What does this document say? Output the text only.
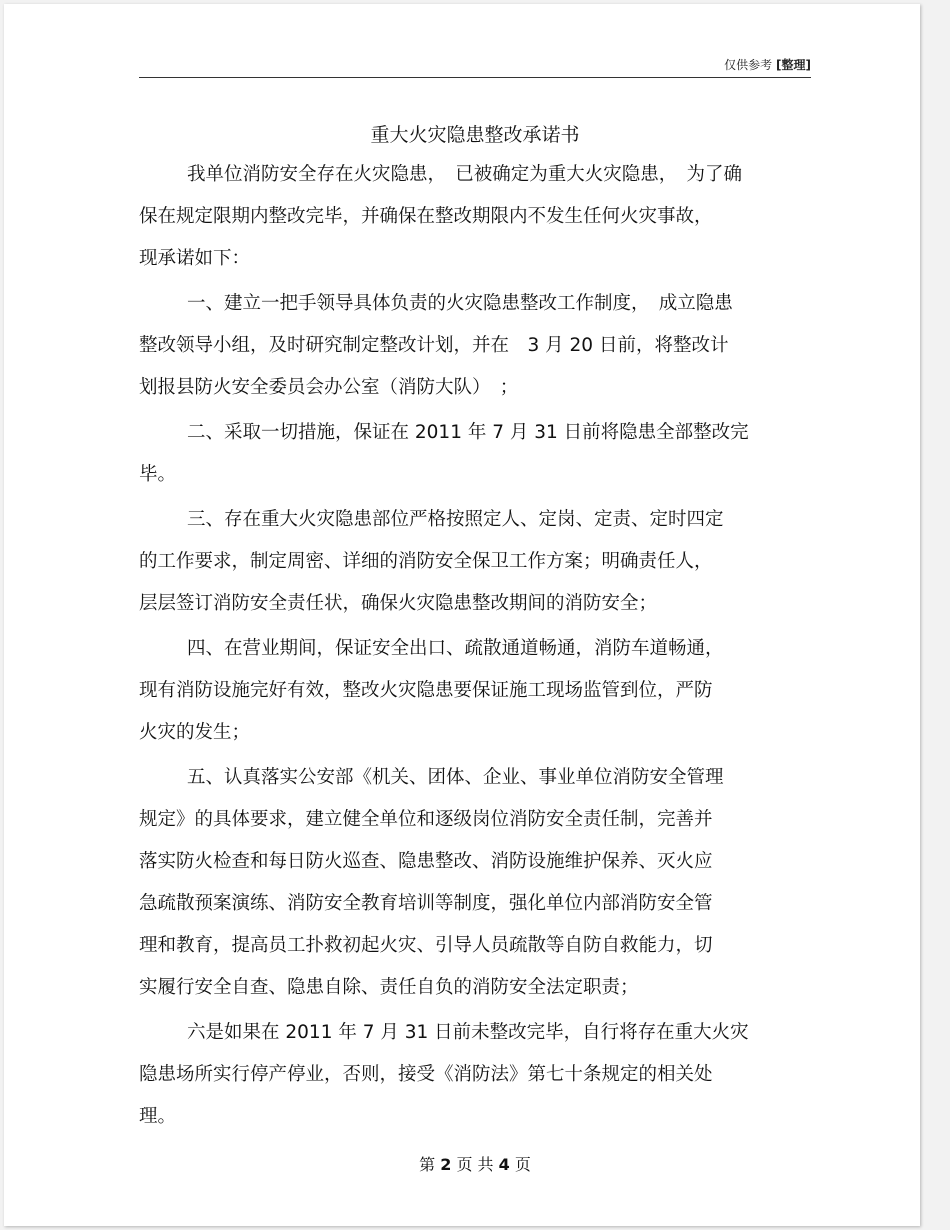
仅供参考 [整理]
重大火灾隐患整改承诺书
我单位消防安全存在火灾隐患，　已被确定为重大火灾隐患，　为了确
保在规定限期内整改完毕，并确保在整改期限内不发生任何火灾事故，
现承诺如下：
一、建立一把手领导具体负责的火灾隐患整改工作制度，　成立隐患
整改领导小组，及时研究制定整改计划，并在　3 月 20 日前，将整改计
划报县防火安全委员会办公室（消防大队）　；
二、采取一切措施，保证在 2011 年 7 月 31 日前将隐患全部整改完
毕。
三、存在重大火灾隐患部位严格按照定人、定岗、定责、定时四定
的工作要求，制定周密、详细的消防安全保卫工作方案；明确责任人，
层层签订消防安全责任状，确保火灾隐患整改期间的消防安全；
四、在营业期间，保证安全出口、疏散通道畅通，消防车道畅通，
现有消防设施完好有效，整改火灾隐患要保证施工现场监管到位，严防
火灾的发生；
五、认真落实公安部《机关、团体、企业、事业单位消防安全管理
规定》的具体要求，建立健全单位和逐级岗位消防安全责任制，完善并
落实防火检查和每日防火巡查、隐患整改、消防设施维护保养、灭火应
急疏散预案演练、消防安全教育培训等制度，强化单位内部消防安全管
理和教育，提高员工扑救初起火灾、引导人员疏散等自防自救能力，切
实履行安全自查、隐患自除、责任自负的消防安全法定职责；
六是如果在 2011 年 7 月 31 日前未整改完毕，自行将存在重大火灾
隐患场所实行停产停业，否则，接受《消防法》第七十条规定的相关处
理。
第 2 页 共 4 页
